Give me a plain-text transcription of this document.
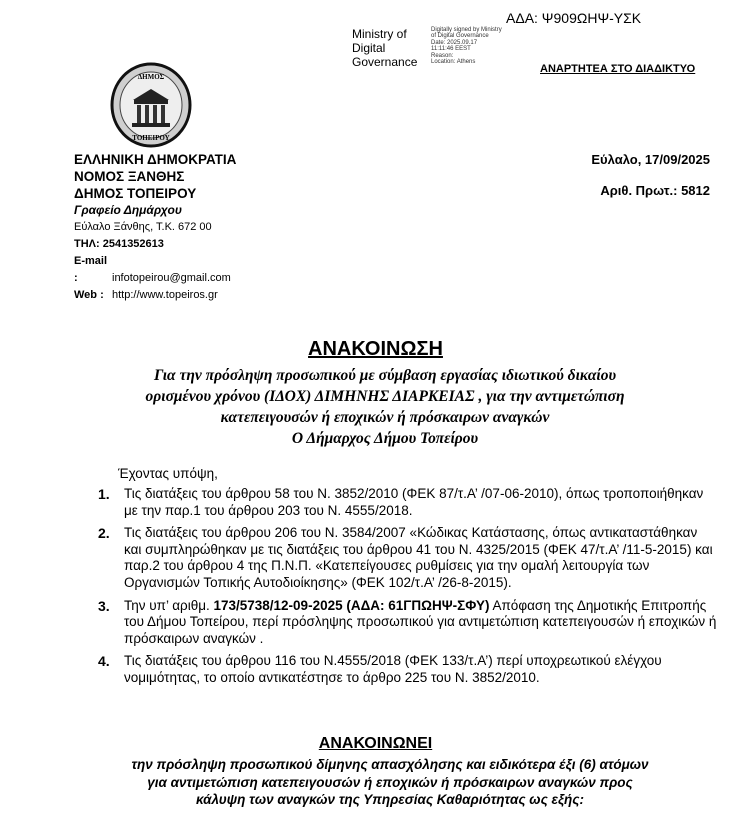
ΑΔΑ: Ψ909ΩΗΨ-ΥΣΚ
Ministry of
Digital
Governance
Digitally signed by Ministry
of Digital Governance
Date: 2025.09.17
11:11:46 EEST
Reason:
Location: Athens
ΑΝΑΡΤΗΤΕΑ ΣΤΟ ΔΙΑΔΙΚΤΥΟ
ΔΗΜΟΣ
ΤΟΠΕΙΡΟΥ
ΕΛΛΗΝΙΚΗ ΔΗΜΟΚΡΑΤΙΑ
ΝΟΜΟΣ ΞΑΝΘΗΣ
ΔΗΜΟΣ ΤΟΠΕΙΡΟΥ
Γραφείο Δημάρχου
Εύλαλο Ξάνθης, Τ.Κ. 672 00
ΤΗΛ: 2541352613
E-mail :	infotopeirou@gmail.com
Web : http://www.topeiros.gr
Εύλαλο, 17/09/2025
Αριθ. Πρωτ.: 5812
ΑΝΑΚΟΙΝΩΣΗ
Για την πρόσληψη προσωπικού με σύμβαση εργασίας ιδιωτικού δικαίου
ορισμένου χρόνου (ΙΔΟΧ) ΔΙΜΗΝΗΣ ΔΙΑΡΚΕΙΑΣ , για την αντιμετώπιση
κατεπειγουσών ή εποχικών ή πρόσκαιρων αναγκών
Ο Δήμαρχος Δήμου Τοπείρου
Έχοντας υπόψη,
1. Τις διατάξεις του άρθρου 58 του Ν. 3852/2010 (ΦΕΚ 87/τ.Α’ /07-06-2010), όπως τροποποιήθηκαν με την παρ.1 του άρθρου 203 του Ν. 4555/2018.
2. Τις διατάξεις του άρθρου 206 του Ν. 3584/2007 «Κώδικας Κατάστασης, όπως αντικαταστάθηκαν και συμπληρώθηκαν με τις διατάξεις του άρθρου 41 του Ν. 4325/2015 (ΦΕΚ 47/τ.Α’ /11-5-2015) και παρ.2 του άρθρου 4 της Π.Ν.Π. «Κατεπείγουσες ρυθμίσεις για την ομαλή λειτουργία των Οργανισμών Τοπικής Αυτοδιοίκησης» (ΦΕΚ 102/τ.Α’ /26-8-2015).
3. Την υπ’ αριθμ. 173/5738/12-09-2025 (ΑΔΑ: 61ΓΠΩΗΨ-ΣΦΥ) Απόφαση της Δημοτικής Επιτροπής του Δήμου Τοπείρου, περί πρόσληψης προσωπικού για αντιμετώπιση κατεπειγουσών ή εποχικών ή πρόσκαιρων αναγκών .
4. Τις διατάξεις του άρθρου 116 του Ν.4555/2018 (ΦΕΚ 133/τ.Α’) περί υποχρεωτικού ελέγχου νομιμότητας, το οποίο αντικατέστησε το άρθρο 225 του Ν. 3852/2010.
ΑΝΑΚΟΙΝΩΝΕΙ
την πρόσληψη προσωπικού δίμηνης απασχόλησης και ειδικότερα έξι (6) ατόμων
για αντιμετώπιση κατεπειγουσών ή εποχικών ή πρόσκαιρων αναγκών προς
κάλυψη των αναγκών της Υπηρεσίας Καθαριότητας ως εξής:
